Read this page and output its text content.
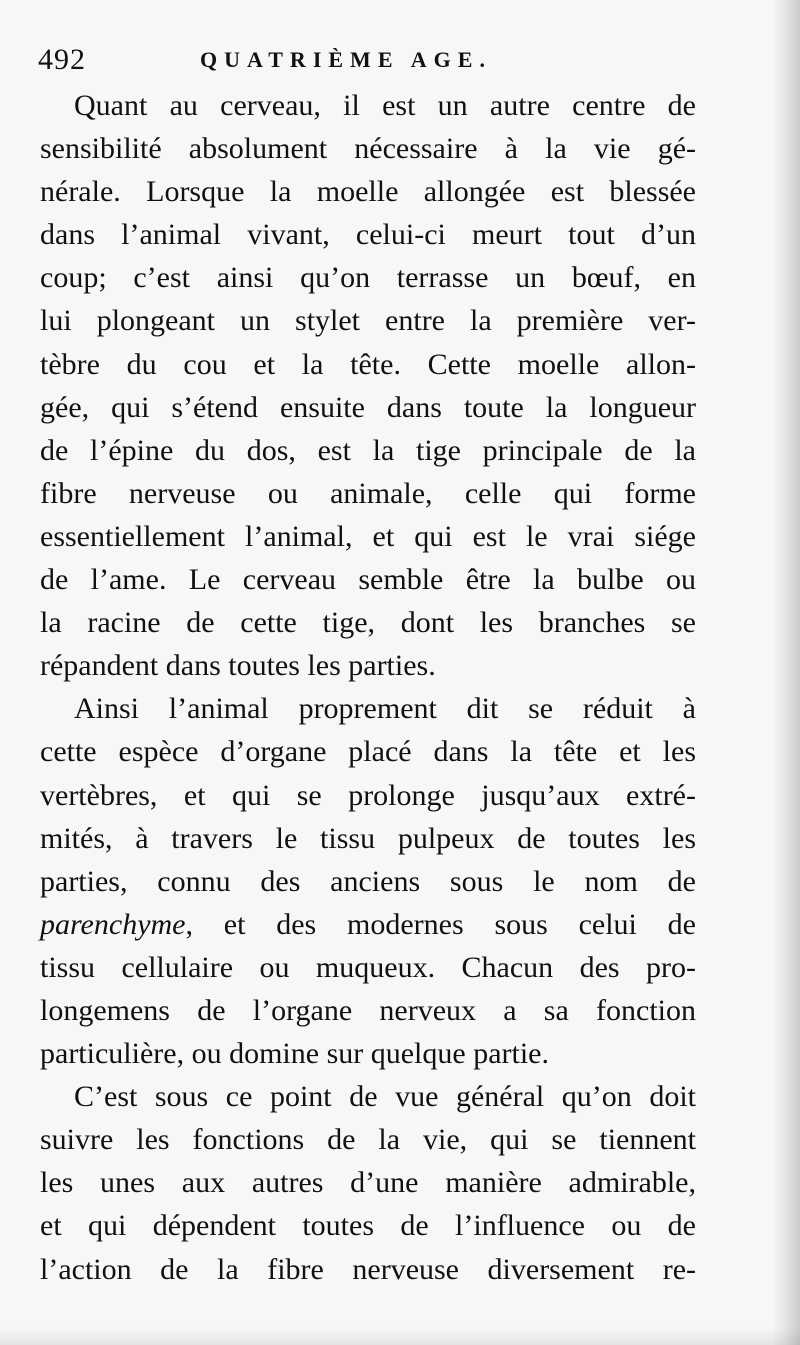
492	QUATRIÈME AGE.
Quant au cerveau, il est un autre centre de
sensibilité absolument nécessaire à la vie gé-
nérale. Lorsque la moelle allongée est blessée
dans l’animal vivant, celui-ci meurt tout d’un
coup; c’est ainsi qu’on terrasse un bœuf, en
lui plongeant un stylet entre la première ver-
tèbre du cou et la tête. Cette moelle allon-
gée, qui s’étend ensuite dans toute la longueur
de l’épine du dos, est la tige principale de la
fibre nerveuse ou animale, celle qui forme
essentiellement l’animal, et qui est le vrai siége
de l’ame. Le cerveau semble être la bulbe ou
la racine de cette tige, dont les branches se
répandent dans toutes les parties.
Ainsi l’animal proprement dit se réduit à
cette espèce d’organe placé dans la tête et les
vertèbres, et qui se prolonge jusqu’aux extré-
mités, à travers le tissu pulpeux de toutes les
parties, connu des anciens sous le nom de
parenchyme, et des modernes sous celui de
tissu cellulaire ou muqueux. Chacun des pro-
longemens de l’organe nerveux a sa fonction
particulière, ou domine sur quelque partie.
C’est sous ce point de vue général qu’on doit
suivre les fonctions de la vie, qui se tiennent
les unes aux autres d’une manière admirable,
et qui dépendent toutes de l’influence ou de
l’action de la fibre nerveuse diversement re-
